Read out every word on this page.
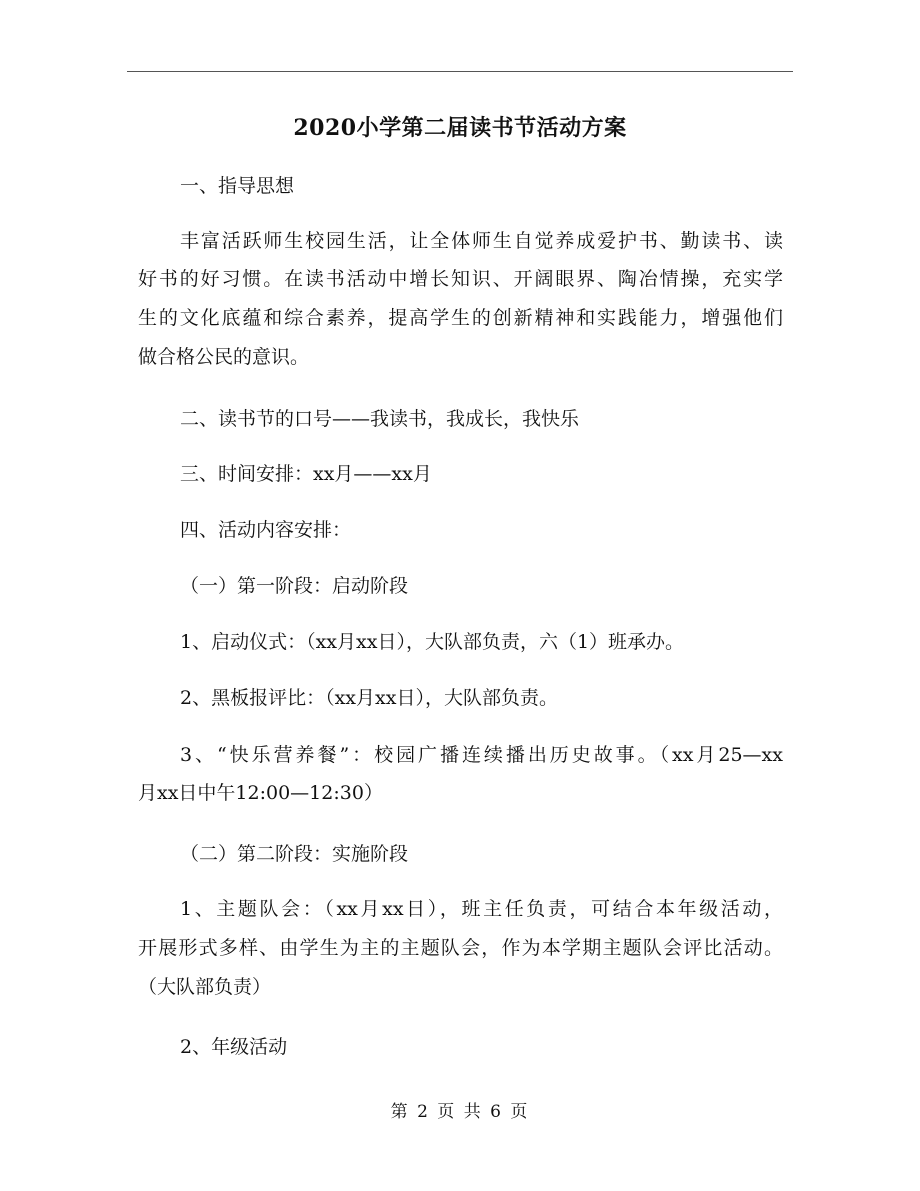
2020小学第二届读书节活动方案
一、指导思想
丰富活跃师生校园生活，让全体师生自觉养成爱护书、勤读书、读
好书的好习惯。在读书活动中增长知识、开阔眼界、陶冶情操，充实学
生的文化底蕴和综合素养，提高学生的创新精神和实践能力，增强他们
做合格公民的意识。
二、读书节的口号——我读书，我成长，我快乐
三、时间安排：xx月——xx月
四、活动内容安排：
（一）第一阶段：启动阶段
1、启动仪式：（xx月xx日），大队部负责，六（1）班承办。
2、黑板报评比：（xx月xx日），大队部负责。
3、“快乐营养餐”：校园广播连续播出历史故事。（xx月25—xx
月xx日中午12:00—12:30）
（二）第二阶段：实施阶段
1、主题队会：（xx月xx日），班主任负责，可结合本年级活动，
开展形式多样、由学生为主的主题队会，作为本学期主题队会评比活动。
（大队部负责）
2、年级活动
第 2 页 共 6 页
